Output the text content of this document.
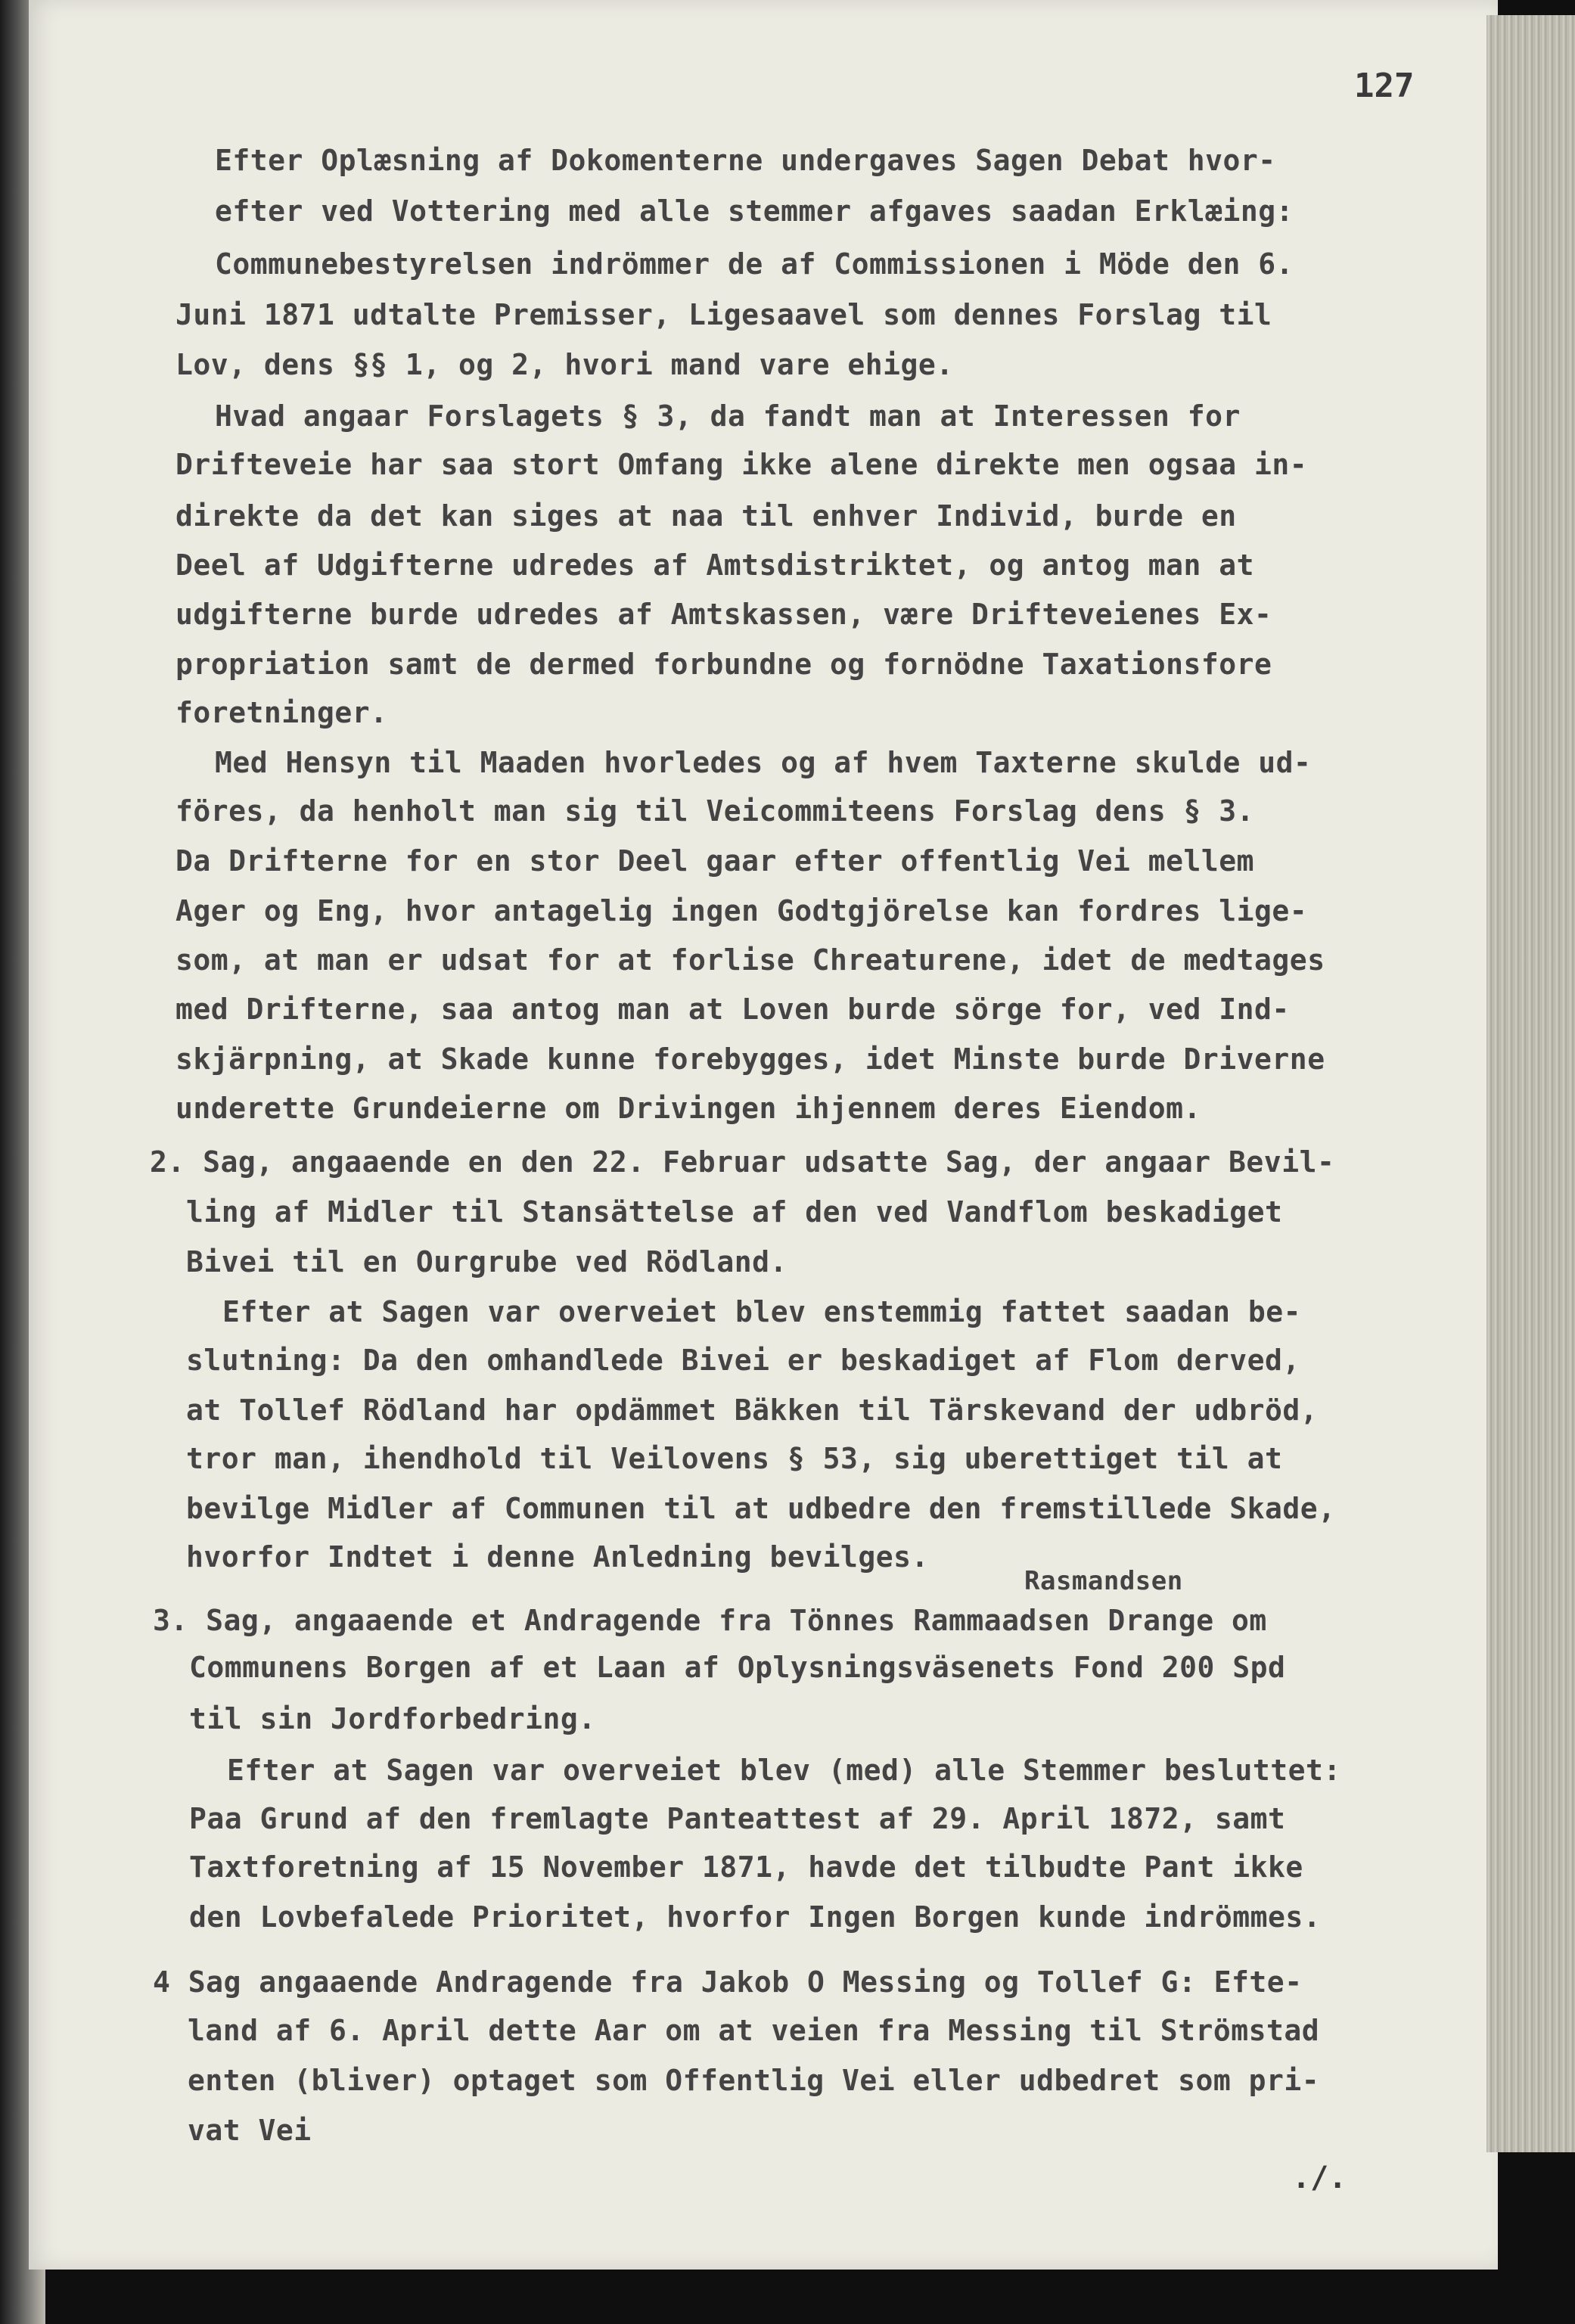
127
Efter Oplæsning af Dokomenterne undergaves Sagen Debat hvor-
efter ved Vottering med alle stemmer afgaves saadan Erklæing:
Communebestyrelsen indrömmer de af Commissionen i Möde den 6.
Juni 1871 udtalte Premisser, Ligesaavel som dennes Forslag til
Lov, dens §§ 1, og 2, hvori mand vare ehige.
Hvad angaar Forslagets § 3, da fandt man at Interessen for
Drifteveie har saa stort Omfang ikke alene direkte men ogsaa in-
direkte da det kan siges at naa til enhver Individ, burde en
Deel af Udgifterne udredes af Amtsdistriktet, og antog man at
udgifterne burde udredes af Amtskassen, være Drifteveienes Ex-
propriation samt de dermed forbundne og fornödne Taxationsfore
foretninger.
Med Hensyn til Maaden hvorledes og af hvem Taxterne skulde ud-
föres, da henholt man sig til Veicommiteens Forslag dens § 3.
Da Drifterne for en stor Deel gaar efter offentlig Vei mellem
Ager og Eng, hvor antagelig ingen Godtgjörelse kan fordres lige-
som, at man er udsat for at forlise Chreaturene, idet de medtages
med Drifterne, saa antog man at Loven burde sörge for, ved Ind-
skjärpning, at Skade kunne forebygges, idet Minste burde Driverne
underette Grundeierne om Drivingen ihjennem deres Eiendom.
2. Sag, angaaende en den 22. Februar udsatte Sag, der angaar Bevil-
ling af Midler til Stansättelse af den ved Vandflom beskadiget
Bivei til en Ourgrube ved Rödland.
Efter at Sagen var overveiet blev enstemmig fattet saadan be-
slutning: Da den omhandlede Bivei er beskadiget af Flom derved,
at Tollef Rödland har opdämmet Bäkken til Tärskevand der udbröd,
tror man, ihendhold til Veilovens § 53, sig uberettiget til at
bevilge Midler af Communen til at udbedre den fremstillede Skade,
hvorfor Indtet i denne Anledning bevilges.
Rasmandsen
3. Sag, angaaende et Andragende fra Tönnes Rammaadsen Drange om
Communens Borgen af et Laan af Oplysningsväsenets Fond 200 Spd
til sin Jordforbedring.
Efter at Sagen var overveiet blev (med) alle Stemmer besluttet:
Paa Grund af den fremlagte Panteattest af 29. April 1872, samt
Taxtforetning af 15 November 1871, havde det tilbudte Pant ikke
den Lovbefalede Prioritet, hvorfor Ingen Borgen kunde indrömmes.
4 Sag angaaende Andragende fra Jakob O Messing og Tollef G: Efte-
land af 6. April dette Aar om at veien fra Messing til Strömstad
enten (bliver) optaget som Offentlig Vei eller udbedret som pri-
vat Vei
./.
